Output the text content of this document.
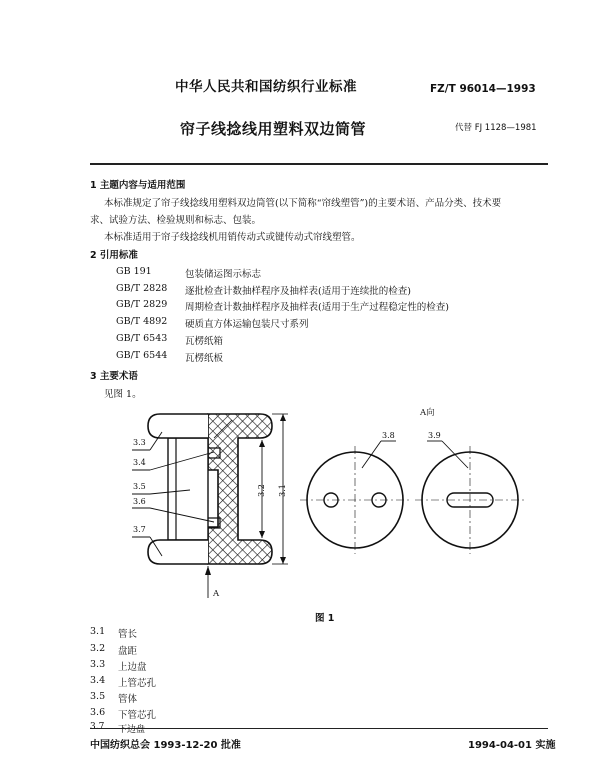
中华人民共和国纺织行业标准	FZ/T 96014—1993
帘子线捻线用塑料双边筒管	代替 FJ 1128—1981
1 主题内容与适用范围
本标准规定了帘子线捻线用塑料双边筒管(以下简称“帘线塑管”)的主要术语、产品分类、技术要
求、试验方法、检验规则和标志、包装。
本标准适用于帘子线捻线机用销传动式或键传动式帘线塑管。
2 引用标准
GB 191	包装储运图示标志
GB/T 2828 逐批检查计数抽样程序及抽样表(适用于连续批的检查)
GB/T 2829 周期检查计数抽样程序及抽样表(适用于生产过程稳定性的检查)
GB/T 4892 硬质直方体运输包装尺寸系列
GB/T 6543 瓦楞纸箱
GB/T 6544 瓦楞纸板
3 主要术语
见图 1。
3.3
3.4
3.5
3.6
3.7
3.2 3.1
A向
3.8	3.9
A
图 1
3.1 管长
3.2 盘距
3.3 上边盘
3.4 上管芯孔
3.5 管体
3.6 下管芯孔
3.7 下边盘
中国纺织总会 1993-12-20 批准	1994-04-01 实施
